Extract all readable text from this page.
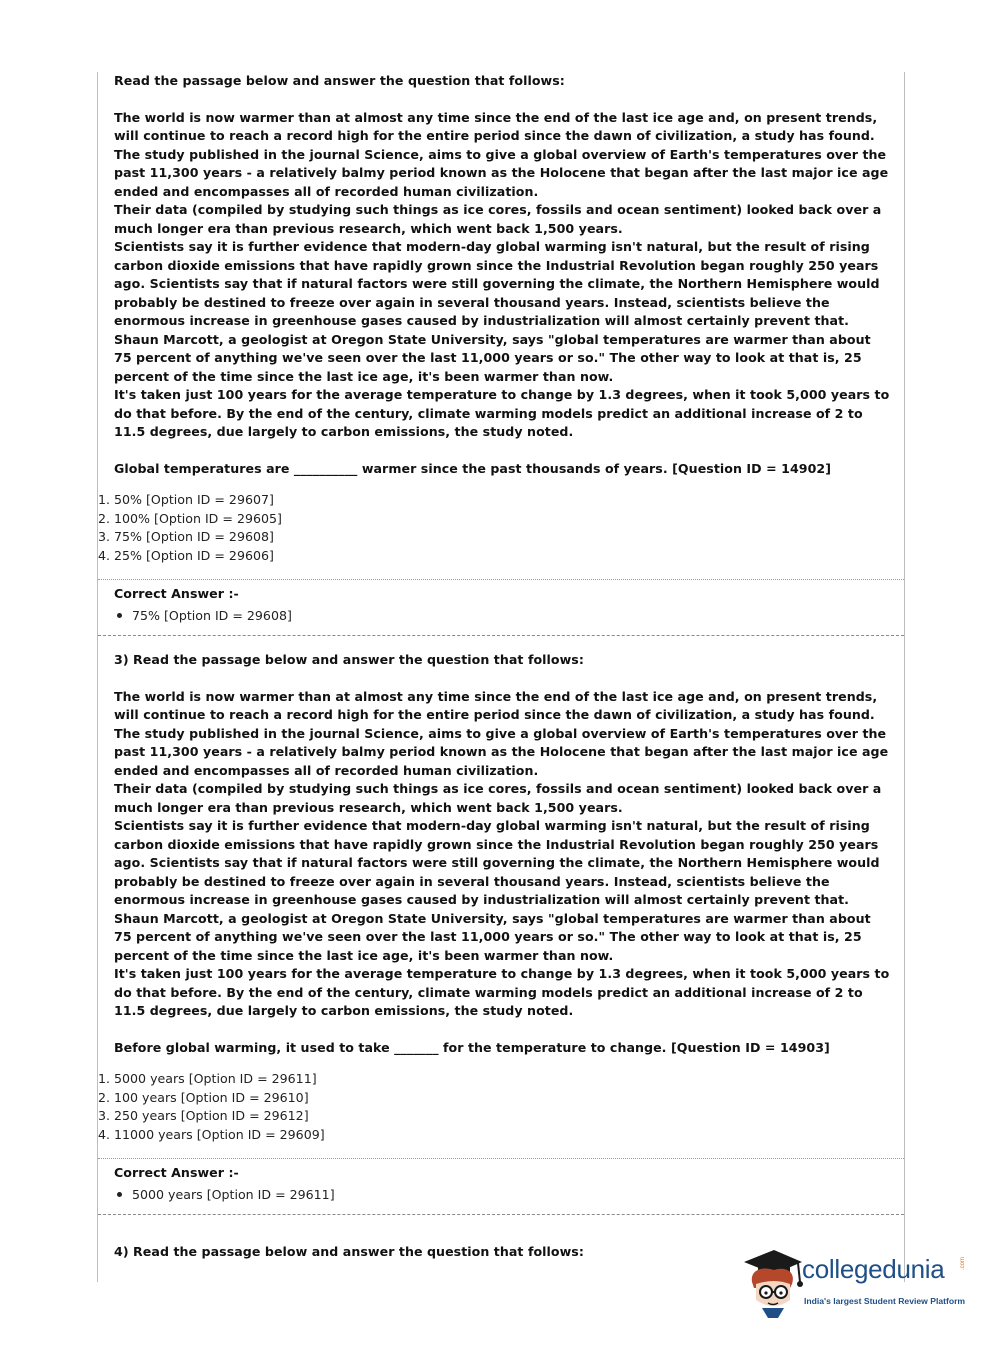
Read the passage below and answer the question that follows:

The world is now warmer than at almost any time since the end of the last ice age and, on present trends, will continue to reach a record high for the entire period since the dawn of civilization, a study has found.

The study published in the journal Science, aims to give a global overview of Earth's temperatures over the past 11,300 years - a relatively balmy period known as the Holocene that began after the last major ice age ended and encompasses all of recorded human civilization.

Their data (compiled by studying such things as ice cores, fossils and ocean sentiment) looked back over a much longer era than previous research, which went back 1,500 years.

Scientists say it is further evidence that modern-day global warming isn't natural, but the result of rising carbon dioxide emissions that have rapidly grown since the Industrial Revolution began roughly 250 years ago. Scientists say that if natural factors were still governing the climate, the Northern Hemisphere would probably be destined to freeze over again in several thousand years. Instead, scientists believe the enormous increase in greenhouse gases caused by industrialization will almost certainly prevent that.

Shaun Marcott, a geologist at Oregon State University, says "global temperatures are warmer than about 75 percent of anything we've seen over the last 11,000 years or so." The other way to look at that is, 25 percent of the time since the last ice age, it's been warmer than now.

It's taken just 100 years for the average temperature to change by 1.3 degrees, when it took 5,000 years to do that before. By the end of the century, climate warming models predict an additional increase of 2 to 11.5 degrees, due largely to carbon emissions, the study noted.

Global temperatures are __________ warmer since the past thousands of years. [Question ID = 14902]

1. 50% [Option ID = 29607]
2. 100% [Option ID = 29605]
3. 75% [Option ID = 29608]
4. 25% [Option ID = 29606]

Correct Answer :-

75% [Option ID = 29608]

3) Read the passage below and answer the question that follows:

The world is now warmer than at almost any time since the end of the last ice age and, on present trends, will continue to reach a record high for the entire period since the dawn of civilization, a study has found.

The study published in the journal Science, aims to give a global overview of Earth's temperatures over the past 11,300 years - a relatively balmy period known as the Holocene that began after the last major ice age ended and encompasses all of recorded human civilization.

Their data (compiled by studying such things as ice cores, fossils and ocean sentiment) looked back over a much longer era than previous research, which went back 1,500 years.

Scientists say it is further evidence that modern-day global warming isn't natural, but the result of rising carbon dioxide emissions that have rapidly grown since the Industrial Revolution began roughly 250 years ago. Scientists say that if natural factors were still governing the climate, the Northern Hemisphere would probably be destined to freeze over again in several thousand years. Instead, scientists believe the enormous increase in greenhouse gases caused by industrialization will almost certainly prevent that.

Shaun Marcott, a geologist at Oregon State University, says "global temperatures are warmer than about 75 percent of anything we've seen over the last 11,000 years or so." The other way to look at that is, 25 percent of the time since the last ice age, it's been warmer than now.

It's taken just 100 years for the average temperature to change by 1.3 degrees, when it took 5,000 years to do that before. By the end of the century, climate warming models predict an additional increase of 2 to 11.5 degrees, due largely to carbon emissions, the study noted.

Before global warming, it used to take _______ for the temperature to change. [Question ID = 14903]

1. 5000 years [Option ID = 29611]
2. 100 years [Option ID = 29610]
3. 250 years [Option ID = 29612]
4. 11000 years [Option ID = 29609]

Correct Answer :-

5000 years [Option ID = 29611]

4) Read the passage below and answer the question that follows:

collegedunia	.com
India's largest Student Review Platform
